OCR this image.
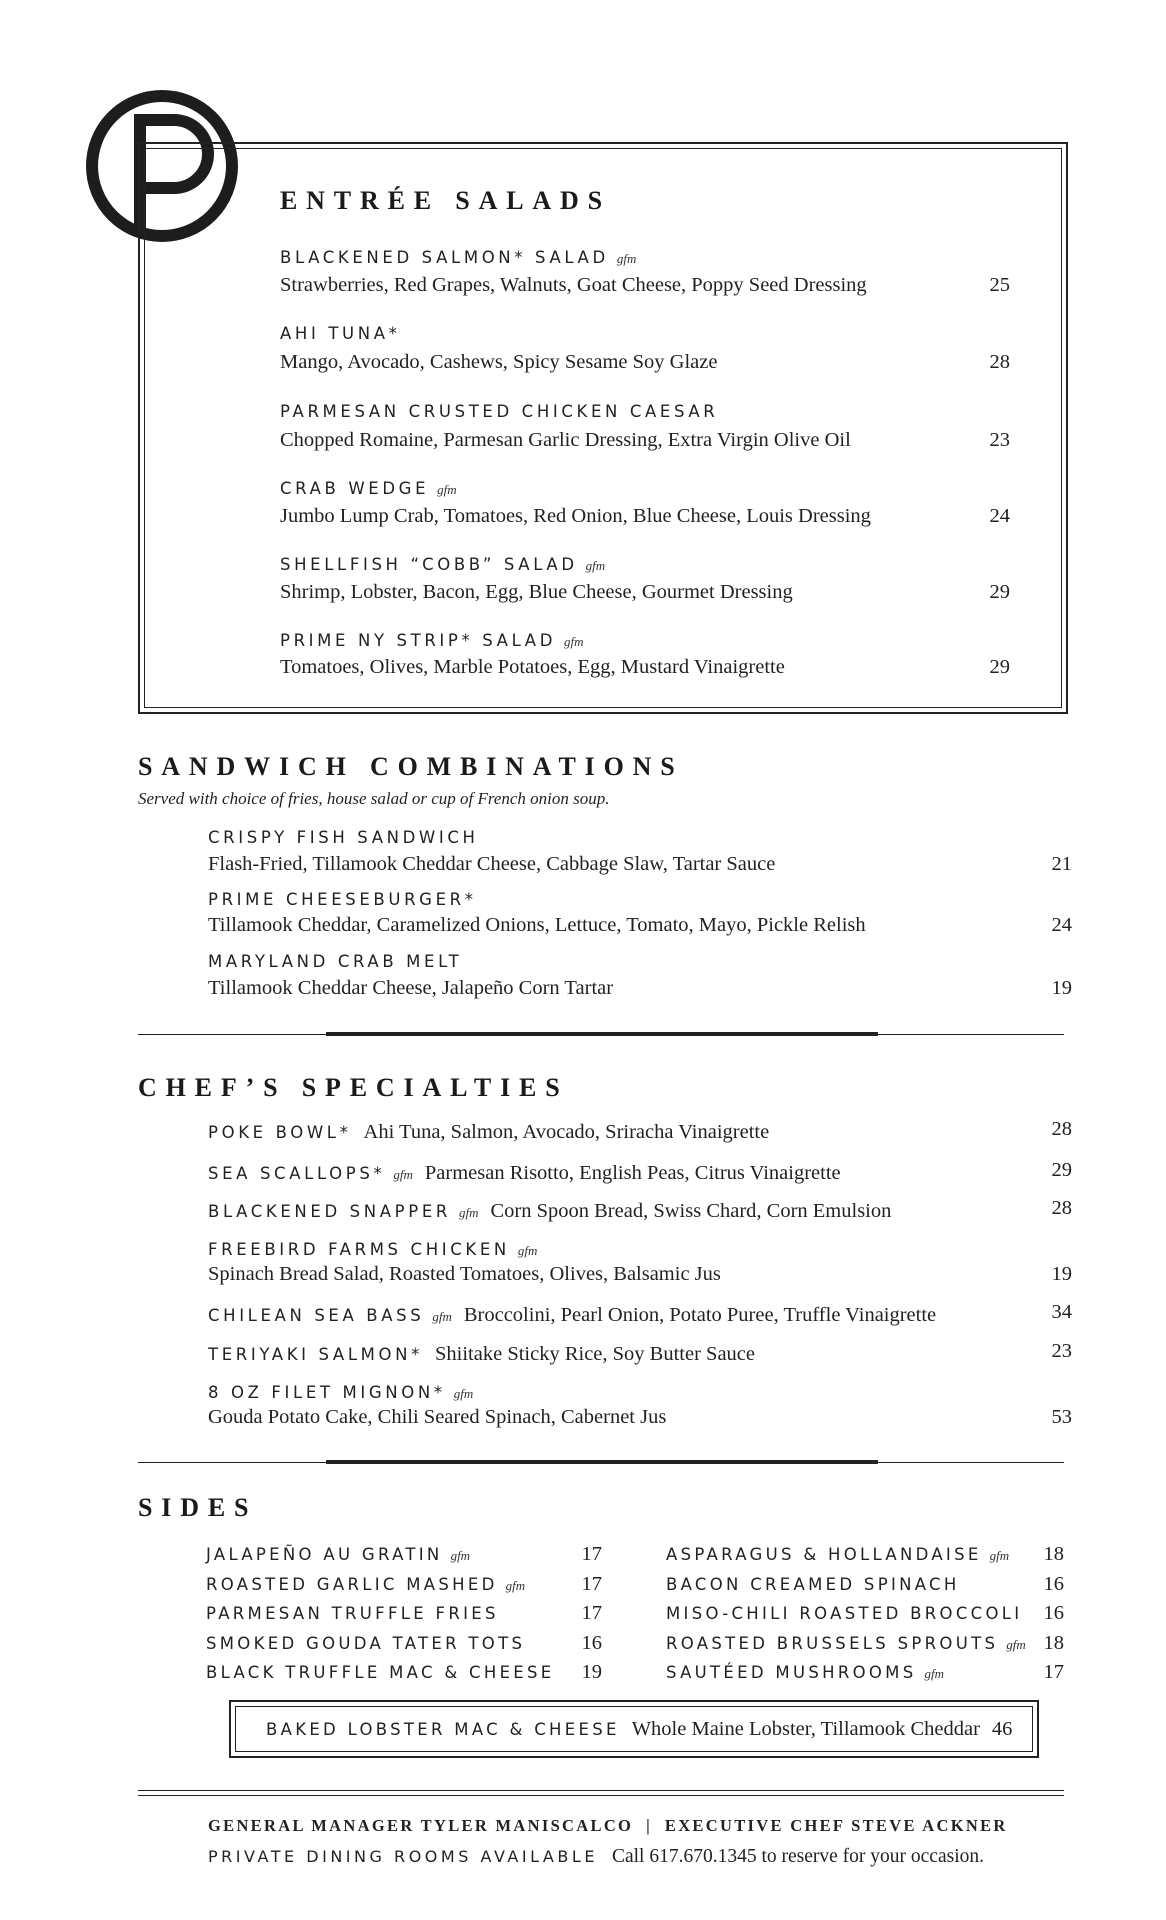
ENTRÉE SALADS
BLACKENED SALMON* SALAD gfm
Strawberries, Red Grapes, Walnuts, Goat Cheese, Poppy Seed Dressing	25
AHI TUNA*
Mango, Avocado, Cashews, Spicy Sesame Soy Glaze	28
PARMESAN CRUSTED CHICKEN CAESAR
Chopped Romaine, Parmesan Garlic Dressing, Extra Virgin Olive Oil	23
CRAB WEDGE gfm
Jumbo Lump Crab, Tomatoes, Red Onion, Blue Cheese, Louis Dressing	24
SHELLFISH “COBB” SALAD gfm
Shrimp, Lobster, Bacon, Egg, Blue Cheese, Gourmet Dressing	29
PRIME NY STRIP* SALAD gfm
Tomatoes, Olives, Marble Potatoes, Egg, Mustard Vinaigrette	29
SANDWICH COMBINATIONS
Served with choice of fries, house salad or cup of French onion soup.
CRISPY FISH SANDWICH
Flash-Fried, Tillamook Cheddar Cheese, Cabbage Slaw, Tartar Sauce	21
PRIME CHEESEBURGER*
Tillamook Cheddar, Caramelized Onions, Lettuce, Tomato, Mayo, Pickle Relish	24
MARYLAND CRAB MELT
Tillamook Cheddar Cheese, Jalapeño Corn Tartar	19
CHEF’S SPECIALTIES
POKE BOWL* Ahi Tuna, Salmon, Avocado, Sriracha Vinaigrette	28
SEA SCALLOPS* gfm Parmesan Risotto, English Peas, Citrus Vinaigrette	29
BLACKENED SNAPPER gfm Corn Spoon Bread, Swiss Chard, Corn Emulsion	28
FREEBIRD FARMS CHICKEN gfm
Spinach Bread Salad, Roasted Tomatoes, Olives, Balsamic Jus	19
CHILEAN SEA BASS gfm Broccolini, Pearl Onion, Potato Puree, Truffle Vinaigrette	34
TERIYAKI SALMON* Shiitake Sticky Rice, Soy Butter Sauce	23
8 OZ FILET MIGNON* gfm
Gouda Potato Cake, Chili Seared Spinach, Cabernet Jus	53
SIDES
JALAPEÑO AU GRATIN gfm	17
ROASTED GARLIC MASHED gfm	17
PARMESAN TRUFFLE FRIES	17
SMOKED GOUDA TATER TOTS	16
BLACK TRUFFLE MAC & CHEESE	19
ASPARAGUS & HOLLANDAISE gfm	18
BACON CREAMED SPINACH	16
MISO-CHILI ROASTED BROCCOLI	16
ROASTED BRUSSELS SPROUTS gfm 18
SAUTÉED MUSHROOMS gfm	17
BAKED LOBSTER MAC & CHEESE Whole Maine Lobster, Tillamook Cheddar 46
GENERAL MANAGER TYLER MANISCALCO  |  EXECUTIVE CHEF STEVE ACKNER
PRIVATE DINING ROOMS AVAILABLE Call 617.670.1345 to reserve for your occasion.
